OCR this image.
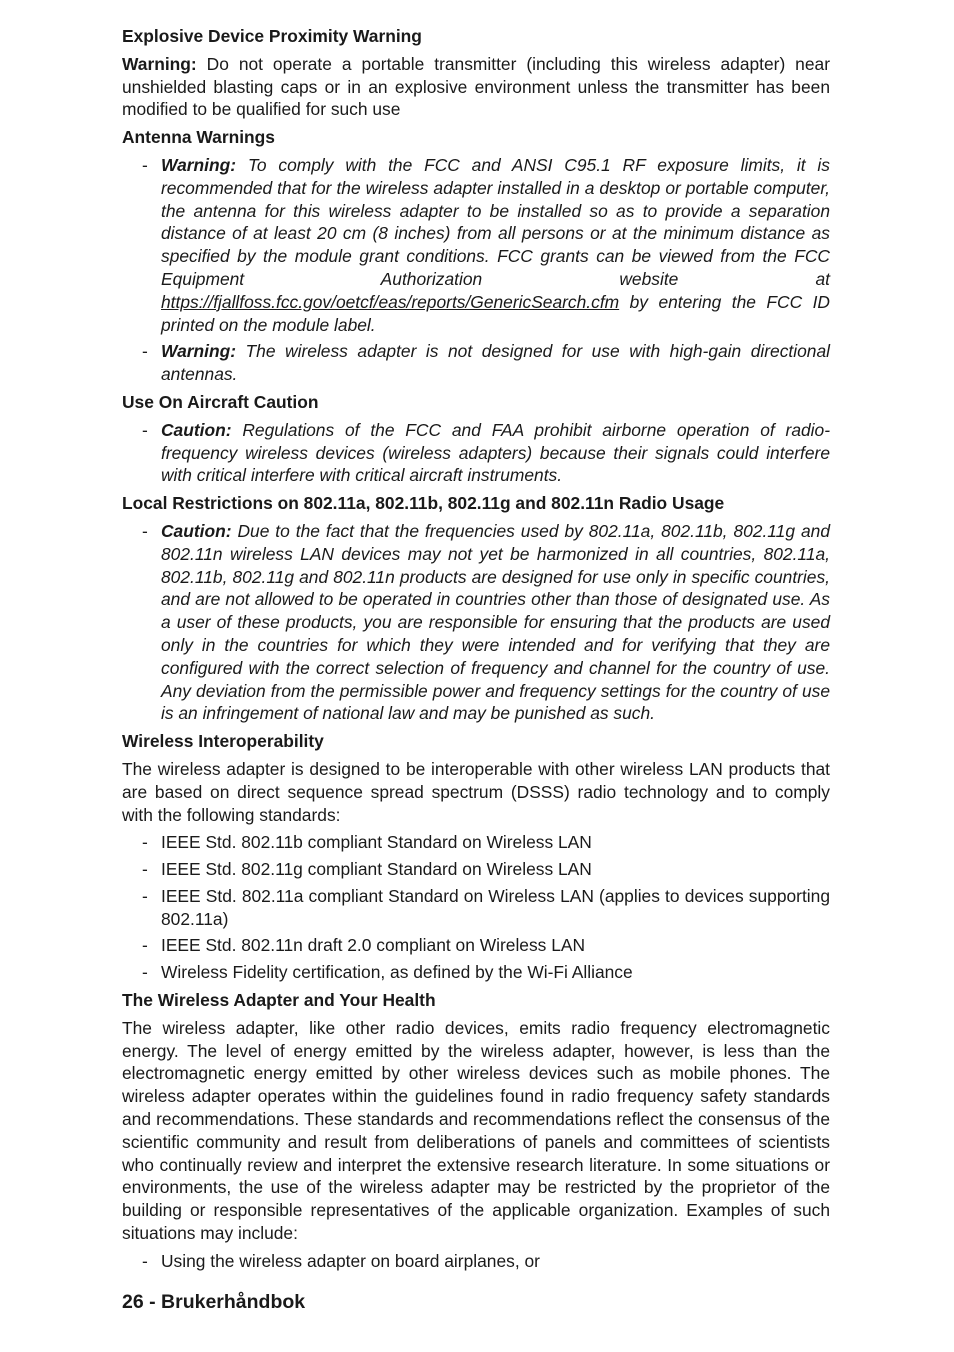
Explosive Device Proximity Warning

Warning: Do not operate a portable transmitter (including this wireless adapter) near unshielded blasting caps or in an explosive environment unless the transmitter has been modified to be qualified for such use

Antenna Warnings
- Warning: To comply with the FCC and ANSI C95.1 RF exposure limits, it is recommended that for the wireless adapter installed in a desktop or portable computer, the antenna for this wireless adapter to be installed so as to provide a separation distance of at least 20 cm (8 inches) from all persons or at the minimum distance as specified by the module grant conditions. FCC grants can be viewed from the FCC Equipment Authorization website at https://fjallfoss.fcc.gov/oetcf/eas/reports/GenericSearch.cfm by entering the FCC ID printed on the module label.
- Warning: The wireless adapter is not designed for use with high-gain directional antennas.
Use On Aircraft Caution
- Caution: Regulations of the FCC and FAA prohibit airborne operation of radio-frequency wireless devices (wireless adapters) because their signals could interfere with critical interfere with critical aircraft instruments.
Local Restrictions on 802.11a, 802.11b, 802.11g and 802.11n Radio Usage
- Caution: Due to the fact that the frequencies used by 802.11a, 802.11b, 802.11g and 802.11n wireless LAN devices may not yet be harmonized in all countries, 802.11a, 802.11b, 802.11g and 802.11n products are designed for use only in specific countries, and are not allowed to be operated in countries other than those of designated use. As a user of these products, you are responsible for ensuring that the products are used only in the countries for which they were intended and for verifying that they are configured with the correct selection of frequency and channel for the country of use. Any deviation from the permissible power and frequency settings for the country of use is an infringement of national law and may be punished as such.
Wireless Interoperability

The wireless adapter is designed to be interoperable with other wireless LAN products that are based on direct sequence spread spectrum (DSSS) radio technology and to comply with the following standards:

- IEEE Std. 802.11b compliant Standard on Wireless LAN
- IEEE Std. 802.11g compliant Standard on Wireless LAN
- IEEE Std. 802.11a compliant Standard on Wireless LAN (applies to devices supporting 802.11a)
- IEEE Std. 802.11n draft 2.0 compliant on Wireless LAN
- Wireless Fidelity certification, as defined by the Wi-Fi Alliance
The Wireless Adapter and Your Health

The wireless adapter, like other radio devices, emits radio frequency electromagnetic energy. The level of energy emitted by the wireless adapter, however, is less than the electromagnetic energy emitted by other wireless devices such as mobile phones. The wireless adapter operates within the guidelines found in radio frequency safety standards and recommendations. These standards and recommendations reflect the consensus of the scientific community and result from deliberations of panels and committees of scientists who continually review and interpret the extensive research literature. In some situations or environments, the use of the wireless adapter may be restricted by the proprietor of the building or responsible representatives of the applicable organization. Examples of such situations may include:

- Using the wireless adapter on board airplanes, or
26 - Brukerhåndbok
